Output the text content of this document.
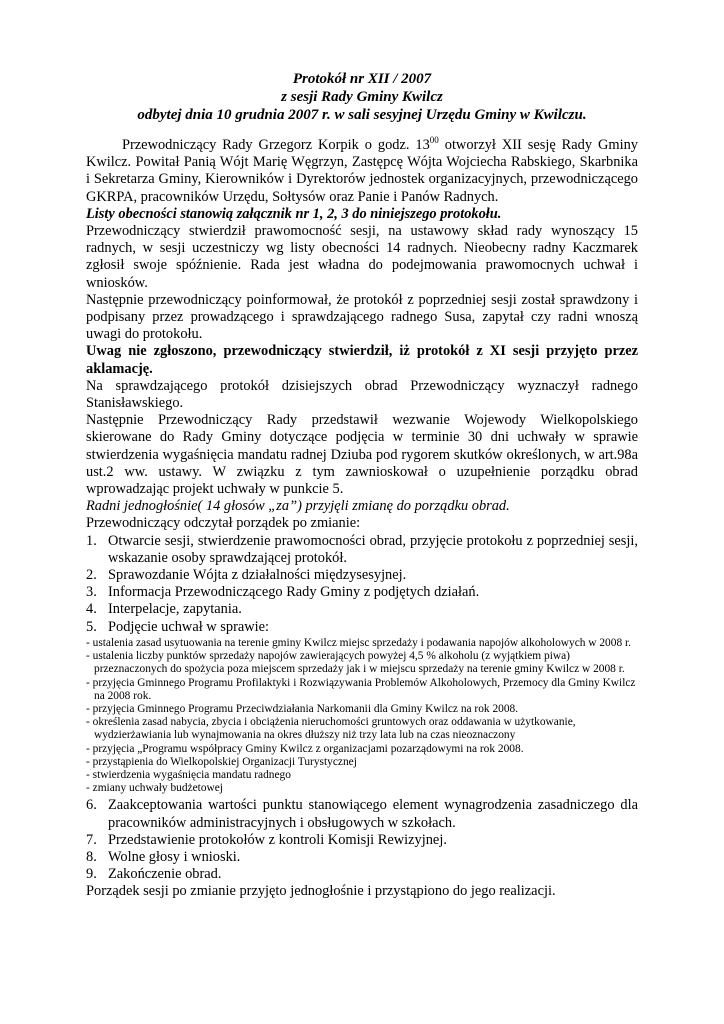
Protokół nr XII / 2007
z sesji Rady Gminy Kwilcz
odbytej dnia 10 grudnia 2007 r. w sali sesyjnej Urzędu Gminy w Kwilczu.

Przewodniczący Rady Grzegorz Korpik o godz. $13^{00}$ otworzył XII sesję Rady Gminy Kwilcz. Powitał Panią Wójt Marię Węgrzyn, Zastępcę Wójta Wojciecha Rabskiego, Skarbnika i Sekretarza Gminy, Kierowników i Dyrektorów jednostek organizacyjnych, przewodniczącego GKRPA, pracowników Urzędu, Sołtysów oraz Panie i Panów Radnych.

Listy obecności stanowią załącznik nr 1, 2, 3 do niniejszego protokołu.

Przewodniczący stwierdził prawomocność sesji, na ustawowy skład rady wynoszący 15 radnych, w sesji uczestniczy wg listy obecności 14 radnych. Nieobecny radny Kaczmarek zgłosił swoje spóźnienie. Rada jest władna do podejmowania prawomocnych uchwał i wniosków.

Następnie przewodniczący poinformował, że protokół z poprzedniej sesji został sprawdzony i podpisany przez prowadzącego i sprawdzającego radnego Susa, zapytał czy radni wnoszą uwagi do protokołu.

Uwag nie zgłoszono, przewodniczący stwierdził, iż protokół z XI sesji przyjęto przez aklamację.

Na sprawdzającego protokół dzisiejszych obrad Przewodniczący wyznaczył radnego Stanisławskiego.

Następnie Przewodniczący Rady przedstawił wezwanie Wojewody Wielkopolskiego skierowane do Rady Gminy dotyczące podjęcia w terminie 30 dni uchwały w sprawie stwierdzenia wygaśnięcia mandatu radnej Dziuba pod rygorem skutków określonych, w art.98a ust.2 ww. ustawy. W związku z tym zawnioskował o uzupełnienie porządku obrad wprowadzając projekt uchwały w punkcie 5.

Radni jednogłośnie( 14 głosów „za”) przyjęli zmianę do porządku obrad.

Przewodniczący odczytał porządek po zmianie:

1. Otwarcie sesji, stwierdzenie prawomocności obrad, przyjęcie protokołu z poprzedniej sesji, wskazanie osoby sprawdzającej protokół.
2. Sprawozdanie Wójta z działalności międzysesyjnej.
3. Informacja Przewodniczącego Rady Gminy z podjętych działań.
4. Interpelacje, zapytania.
5. Podjęcie uchwał w sprawie:
- ustalenia zasad usytuowania na terenie gminy Kwilcz miejsc sprzedaży i podawania napojów alkoholowych w 2008 r.
- ustalenia liczby punktów sprzedaży napojów zawierających powyżej 4,5 % alkoholu (z wyjątkiem piwa) przeznaczonych do spożycia poza miejscem sprzedaży jak i w miejscu sprzedaży na terenie gminy Kwilcz w 2008 r.
- przyjęcia Gminnego Programu Profilaktyki i Rozwiązywania Problemów Alkoholowych, Przemocy dla Gminy Kwilcz na 2008 rok.
- przyjęcia Gminnego Programu Przeciwdziałania Narkomanii dla Gminy Kwilcz na rok 2008.
- określenia zasad nabycia, zbycia i obciążenia nieruchomości gruntowych oraz oddawania w użytkowanie, wydzierżawiania lub wynajmowania na okres dłuższy niż trzy lata lub na czas nieoznaczony
- przyjęcia „Programu współpracy Gminy Kwilcz z organizacjami pozarządowymi na rok 2008.
- przystąpienia do Wielkopolskiej Organizacji Turystycznej
- stwierdzenia wygaśnięcia mandatu radnego
- zmiany uchwały budżetowej
6. Zaakceptowania wartości punktu stanowiącego element wynagrodzenia zasadniczego dla pracowników administracyjnych i obsługowych w szkołach.
7. Przedstawienie protokołów z kontroli Komisji Rewizyjnej.
8. Wolne głosy i wnioski.
9. Zakończenie obrad.

Porządek sesji po zmianie przyjęto jednogłośnie i przystąpiono do jego realizacji.
